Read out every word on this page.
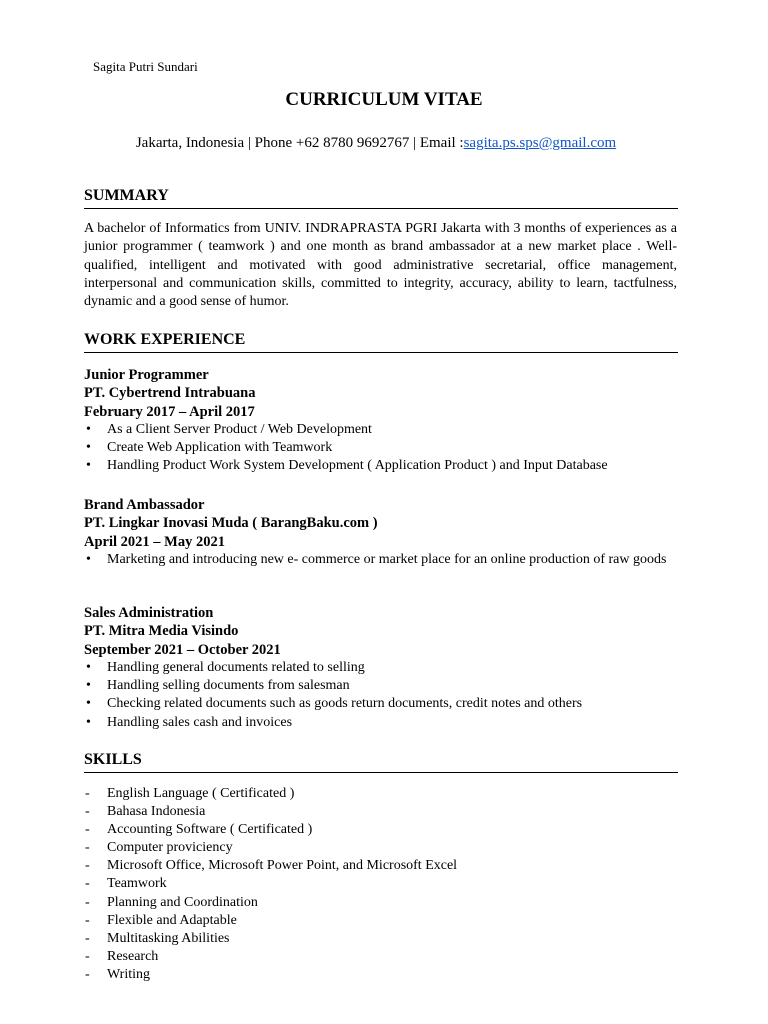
Sagita Putri Sundari
CURRICULUM VITAE
Jakarta, Indonesia | Phone +62 8780 9692767 | Email :sagita.ps.sps@gmail.com
SUMMARY
A bachelor of Informatics from UNIV. INDRAPRASTA PGRI Jakarta with 3 months of experiences as a junior programmer ( teamwork ) and one month as brand ambassador at a new market place . Well-qualified, intelligent and motivated with good administrative secretarial, office management, interpersonal and communication skills, committed to integrity, accuracy, ability to learn, tactfulness, dynamic and a good sense of humor.
WORK EXPERIENCE
Junior Programmer
PT. Cybertrend Intrabuana
February 2017 – April 2017
• As a Client Server Product / Web Development
• Create Web Application with Teamwork
• Handling Product Work System Development ( Application Product ) and Input Database
Brand Ambassador
PT. Lingkar Inovasi Muda ( BarangBaku.com )
April 2021 – May 2021
• Marketing and introducing new e- commerce or market place for an online production of raw goods
Sales Administration
PT. Mitra Media Visindo
September 2021 – October 2021
• Handling general documents related to selling
• Handling selling documents from salesman
• Checking related documents such as goods return documents, credit notes and others
• Handling sales cash and invoices
SKILLS
- English Language ( Certificated )
- Bahasa Indonesia
- Accounting Software ( Certificated )
- Computer proviciency
- Microsoft Office, Microsoft Power Point, and Microsoft Excel
- Teamwork
- Planning and Coordination
- Flexible and Adaptable
- Multitasking Abilities
- Research
- Writing
